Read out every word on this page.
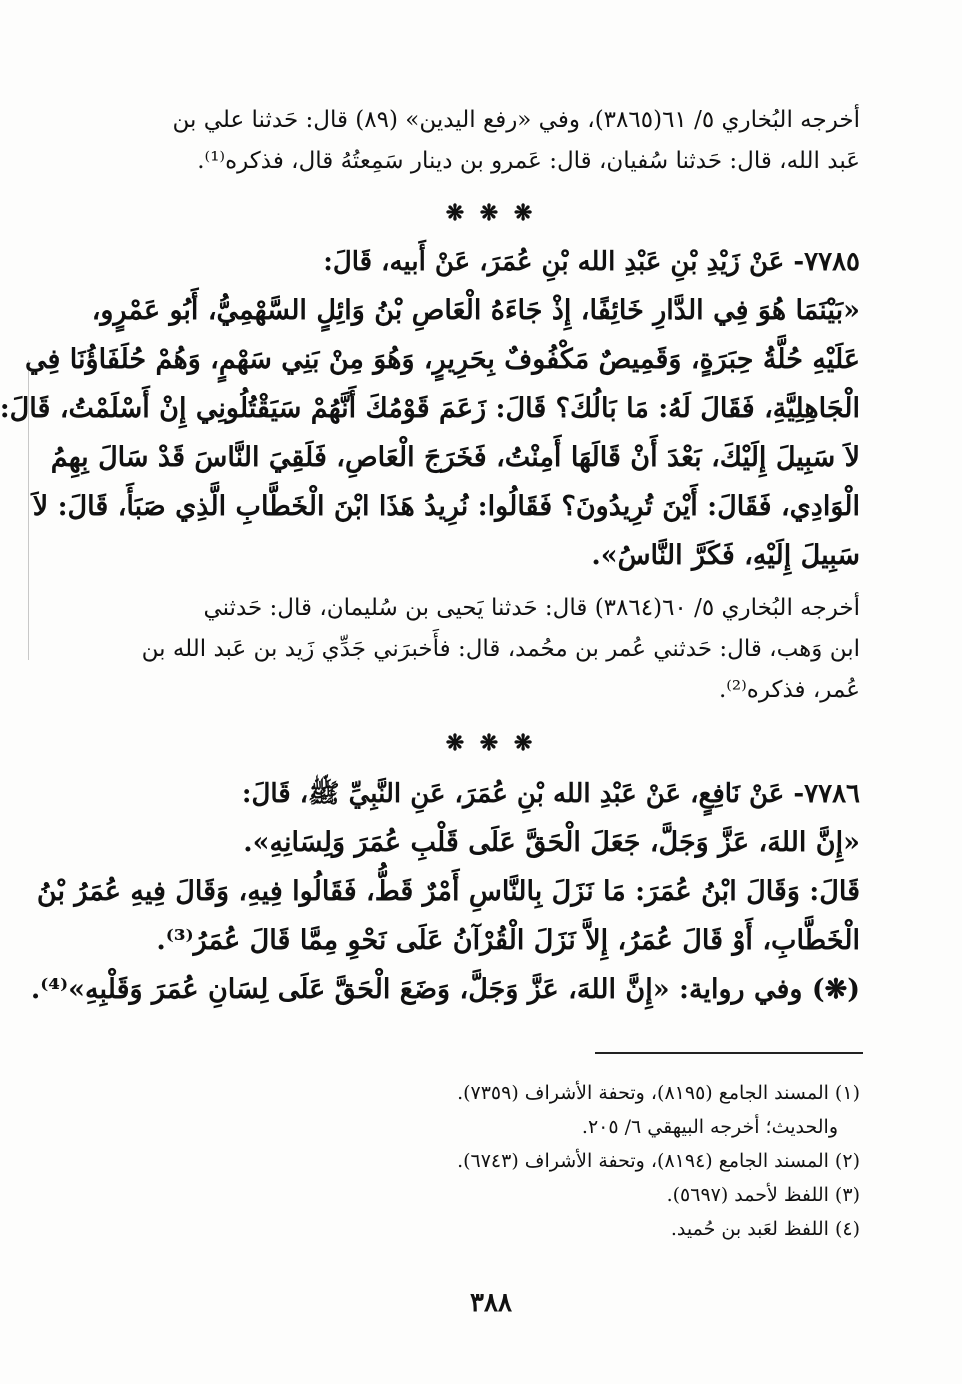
أخرجه البُخاري ٥/ ٦١(٣٨٦٥)، وفي «رفع اليدين» (٨٩) قال: حَدثنا علي بن
عَبد الله، قال: حَدثنا سُفيان، قال: عَمرو بن دينار سَمِعتُهُ قال، فذكره⁽¹⁾.
❋ ❋ ❋
٧٧٨٥- عَنْ زَيْدِ بْنِ عَبْدِ الله بْنِ عُمَرَ، عَنْ أَبيه، قَالَ:
«بَيْنَمَا هُوَ فِي الدَّارِ خَائِفًا، إِذْ جَاءَهُ الْعَاصِ بْنُ وَائِلٍ السَّهْمِيُّ، أَبُو عَمْرٍو،
عَلَيْهِ حُلَّةُ حِبَرَةٍ، وَقَمِيصٌ مَكْفُوفٌ بِحَرِيرٍ، وَهُوَ مِنْ بَنِي سَهْمٍ، وَهُمْ حُلَفَاؤُنَا فِي
الْجَاهِلِيَّةِ، فَقَالَ لَهُ: مَا بَالُكَ؟ قَالَ: زَعَمَ قَوْمُكَ أَنَّهُمْ سَيَقْتُلُونِي إِنْ أَسْلَمْتُ، قَالَ:
لاَ سَبِيلَ إِلَيْكَ، بَعْدَ أَنْ قَالَهَا أَمِنْتُ، فَخَرَجَ الْعَاصِ، فَلَقِيَ النَّاسَ قَدْ سَالَ بِهِمُ
الْوَادِي، فَقَالَ: أَيْنَ تُرِيدُونَ؟ فَقَالُوا: نُرِيدُ هَذَا ابْنَ الْخَطَّابِ الَّذِي صَبَأَ، قَالَ: لاَ
سَبِيلَ إِلَيْهِ، فَكَرَّ النَّاسُ».
أخرجه البُخاري ٥/ ٦٠(٣٨٦٤) قال: حَدثنا يَحيى بن سُليمان، قال: حَدثني
ابن وَهب، قال: حَدثني عُمر بن محُمد، قال: فأَخبرَني جَدِّي زَيد بن عَبد الله بن
عُمر، فذكره⁽²⁾.
❋ ❋ ❋
٧٧٨٦- عَنْ نَافِعٍ، عَنْ عَبْدِ الله بْنِ عُمَرَ، عَنِ النَّبِيِّ ﷺ، قَالَ:
«إِنَّ اللهَ، عَزَّ وَجَلَّ، جَعَلَ الْحَقَّ عَلَى قَلْبِ عُمَرَ وَلِسَانِهِ».
قَالَ: وَقَالَ ابْنُ عُمَرَ: مَا نَزَلَ بِالنَّاسِ أَمْرٌ قَطُّ، فَقَالُوا فِيهِ، وَقَالَ فِيهِ عُمَرُ بْنُ
الْخَطَّابِ، أَوْ قَالَ عُمَرُ، إِلاَّ نَزَلَ الْقُرْآنُ عَلَى نَحْوِ مِمَّا قَالَ عُمَرُ⁽³⁾.
(❋) وفي رواية: «إِنَّ اللهَ، عَزَّ وَجَلَّ، وَضَعَ الْحَقَّ عَلَى لِسَانِ عُمَرَ وَقَلْبِهِ»⁽⁴⁾.
(١) المسند الجامع (٨١٩٥)، وتحفة الأشراف (٧٣٥٩).
والحديث؛ أخرجه البيهقي ٦/ ٢٠٥.
(٢) المسند الجامع (٨١٩٤)، وتحفة الأشراف (٦٧٤٣).
(٣) اللفظ لأحمد (٥٦٩٧).
(٤) اللفظ لعَبد بن حُميد.
٣٨٨
